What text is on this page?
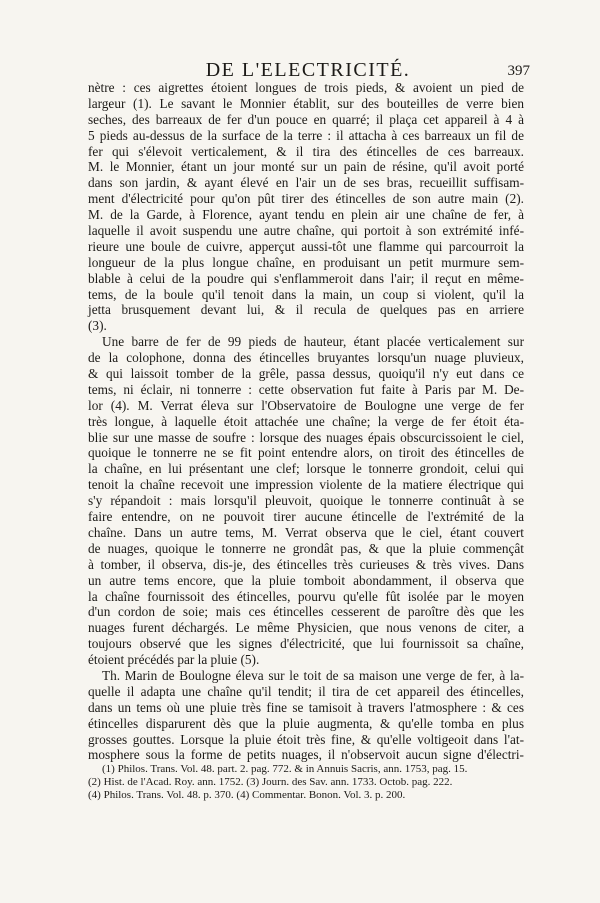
DE L'ELECTRICITÉ.	397
nètre : ces aigrettes étoient longues de trois pieds, & avoient un pied de
largeur (1). Le savant le Monnier établit, sur des bouteilles de verre bien
seches, des barreaux de fer d'un pouce en quarré; il plaça cet appareil à 4 à
5 pieds au-dessus de la surface de la terre : il attacha à ces barreaux un fil de
fer qui s'élevoit verticalement, & il tira des étincelles de ces barreaux.
M. le Monnier, étant un jour monté sur un pain de résine, qu'il avoit porté
dans son jardin, & ayant élevé en l'air un de ses bras, recueillit suffisam-
ment d'électricité pour qu'on pût tirer des étincelles de son autre main (2).
M. de la Garde, à Florence, ayant tendu en plein air une chaîne de fer, à
laquelle il avoit suspendu une autre chaîne, qui portoit à son extrémité infé-
rieure une boule de cuivre, apperçut aussi-tôt une flamme qui parcourroit la
longueur de la plus longue chaîne, en produisant un petit murmure sem-
blable à celui de la poudre qui s'enflammeroit dans l'air; il reçut en même-
tems, de la boule qu'il tenoit dans la main, un coup si violent, qu'il la
jetta brusquement devant lui, & il recula de quelques pas en arriere
(3).
Une barre de fer de 99 pieds de hauteur, étant placée verticalement sur
de la colophone, donna des étincelles bruyantes lorsqu'un nuage pluvieux,
& qui laissoit tomber de la grêle, passa dessus, quoiqu'il n'y eut dans ce
tems, ni éclair, ni tonnerre : cette observation fut faite à Paris par M. De-
lor (4). M. Verrat éleva sur l'Observatoire de Boulogne une verge de fer
très longue, à laquelle étoit attachée une chaîne; la verge de fer étoit éta-
blie sur une masse de soufre : lorsque des nuages épais obscurcissoient le ciel,
quoique le tonnerre ne se fit point entendre alors, on tiroit des étincelles de
la chaîne, en lui présentant une clef; lorsque le tonnerre grondoit, celui qui
tenoit la chaîne recevoit une impression violente de la matiere électrique qui
s'y répandoit : mais lorsqu'il pleuvoit, quoique le tonnerre continuât à se
faire entendre, on ne pouvoit tirer aucune étincelle de l'extrémité de la
chaîne. Dans un autre tems, M. Verrat observa que le ciel, étant couvert
de nuages, quoique le tonnerre ne grondât pas, & que la pluie commençât
à tomber, il observa, dis-je, des étincelles très curieuses & très vives. Dans
un autre tems encore, que la pluie tomboit abondamment, il observa que
la chaîne fournissoit des étincelles, pourvu qu'elle fût isolée par le moyen
d'un cordon de soie; mais ces étincelles cesserent de paroître dès que les
nuages furent déchargés. Le même Physicien, que nous venons de citer, a
toujours observé que les signes d'électricité, que lui fournissoit sa chaîne,
étoient précédés par la pluie (5).
Th. Marin de Boulogne éleva sur le toit de sa maison une verge de fer, à la-
quelle il adapta une chaîne qu'il tendit; il tira de cet appareil des étincelles,
dans un tems où une pluie très fine se tamisoit à travers l'atmosphere : & ces
étincelles disparurent dès que la pluie augmenta, & qu'elle tomba en plus
grosses gouttes. Lorsque la pluie étoit très fine, & qu'elle voltigeoit dans l'at-
mosphere sous la forme de petits nuages, il n'observoit aucun signe d'électri-
(1) Philos. Trans. Vol. 48. part. 2. pag. 772. & in Annuis Sacris, ann. 1753, pag. 15.
(2) Hist. de l'Acad. Roy. ann. 1752. (3) Journ. des Sav. ann. 1733. Octob. pag. 222.
(4) Philos. Trans. Vol. 48. p. 370. (4) Commentar. Bonon. Vol. 3. p. 200.
